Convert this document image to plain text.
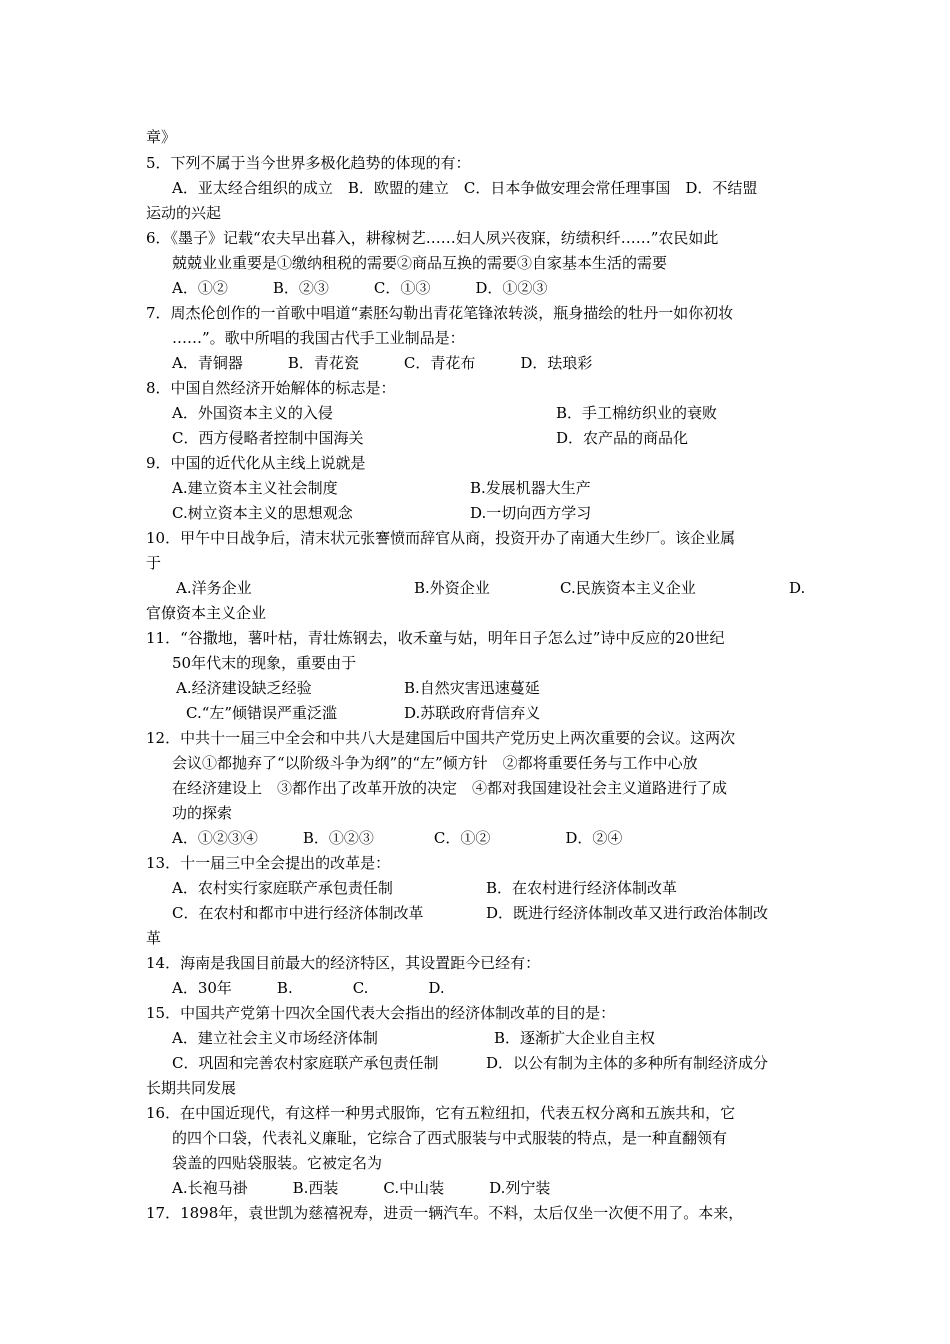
章》
5．下列不属于当今世界多极化趋势的体现的有：
A．亚太经合组织的成立　B．欧盟的建立　C．日本争做安理会常任理事国　D．不结盟
运动的兴起
6．《墨子》记载“农夫早出暮入，耕稼树艺……妇人夙兴夜寐，纺绩积纤……”农民如此
兢兢业业重要是①缴纳租税的需要②商品互换的需要③自家基本生活的需要
A．①②　　　B．②③　　　C．①③　　　D．①②③
7．周杰伦创作的一首歌中唱道“素胚勾勒出青花笔锋浓转淡，瓶身描绘的牡丹一如你初妆
……”。歌中所唱的我国古代手工业制品是：
A．青铜器　　　B．青花瓷　　　C．青花布　　　D．珐琅彩
8．中国自然经济开始解体的标志是：
A．外国资本主义的入侵	B．手工棉纺织业的衰败
C．西方侵略者控制中国海关	D．农产品的商品化
9．中国的近代化从主线上说就是
A.建立资本主义社会制度	B.发展机器大生产
C.树立资本主义的思想观念	D.一切向西方学习
10．甲午中日战争后，清末状元张謇愤而辞官从商，投资开办了南通大生纱厂。该企业属
于
A.洋务企业	B.外资企业	C.民族资本主义企业	D.
官僚资本主义企业
11．“谷撒地，薯叶枯，青壮炼钢去，收禾童与姑，明年日子怎么过”诗中反应的20世纪
50年代末的现象，重要由于
A.经济建设缺乏经验	B.自然灾害迅速蔓延
C.“左”倾错误严重泛滥	D.苏联政府背信弃义
12．中共十一届三中全会和中共八大是建国后中国共产党历史上两次重要的会议。这两次
会议①都抛弃了“以阶级斗争为纲”的“左”倾方针　②都将重要任务与工作中心放
在经济建设上　③都作出了改革开放的决定　④都对我国建设社会主义道路进行了成
功的探索
A．①②③④　　　B．①②③　　　　C．①②　　　　　D．②④
13．十一届三中全会提出的改革是：
A．农村实行家庭联产承包责任制	B．在农村进行经济体制改革
C．在农村和都市中进行经济体制改革	D．既进行经济体制改革又进行政治体制改
革
14．海南是我国目前最大的经济特区，其设置距今已经有：
A．30年　　　B.　　　　C.　　　　D.
15．中国共产党第十四次全国代表大会指出的经济体制改革的目的是：
A．建立社会主义市场经济体制	B．逐渐扩大企业自主权
C．巩固和完善农村家庭联产承包责任制	D．以公有制为主体的多种所有制经济成分
长期共同发展
16．在中国近现代，有这样一种男式服饰，它有五粒纽扣，代表五权分离和五族共和，它
的四个口袋，代表礼义廉耻，它综合了西式服装与中式服装的特点，是一种直翻领有
袋盖的四贴袋服装。它被定名为
A.长袍马褂　　　B.西装　　　C.中山装　　　D.列宁装
17．1898年，袁世凯为慈禧祝寿，进贡一辆汽车。不料，太后仅坐一次便不用了。本来，
